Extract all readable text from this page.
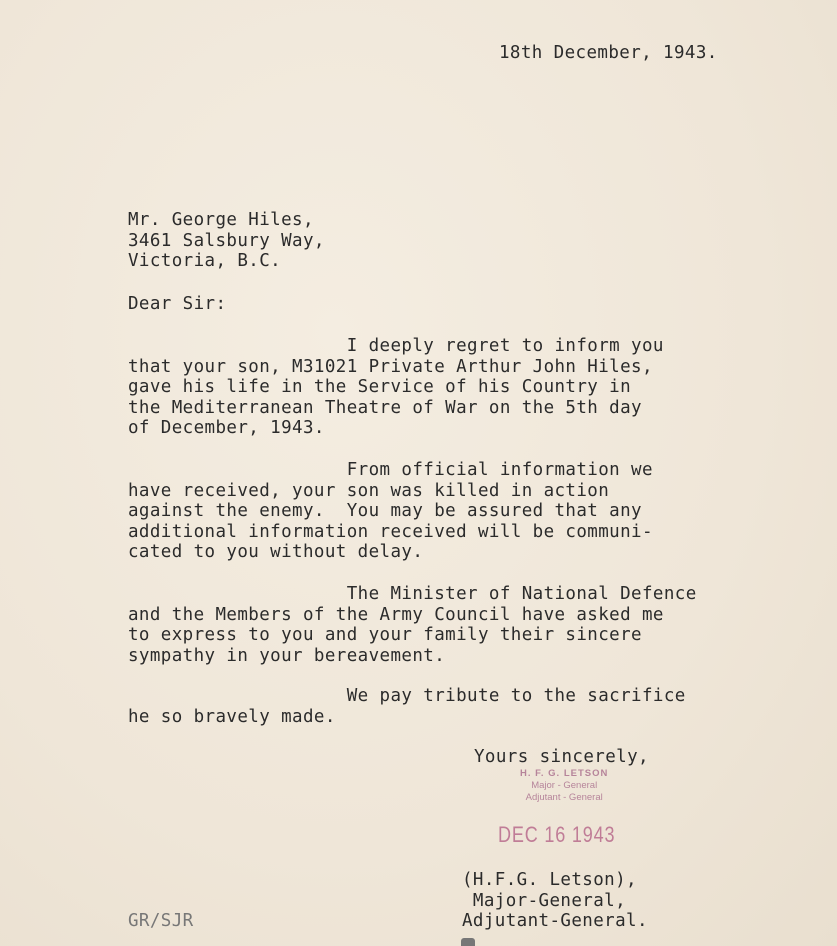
18th December, 1943.
Mr. George Hiles,
3461 Salsbury Way,
Victoria, B.C.
Dear Sir:
I deeply regret to inform you
that your son, M31021 Private Arthur John Hiles,
gave his life in the Service of his Country in
the Mediterranean Theatre of War on the 5th day
of December, 1943.
From official information we
have received, your son was killed in action
against the enemy.  You may be assured that any
additional information received will be communi-
cated to you without delay.
The Minister of National Defence
and the Members of the Army Council have asked me
to express to you and your family their sincere
sympathy in your bereavement.
We pay tribute to the sacrifice
he so bravely made.
Yours sincerely,
H. F. G. LETSON
Major - General
Adjutant - General
DEC 16 1943
(H.F.G. Letson),
Major-General,
Adjutant-General.
GR/SJR
